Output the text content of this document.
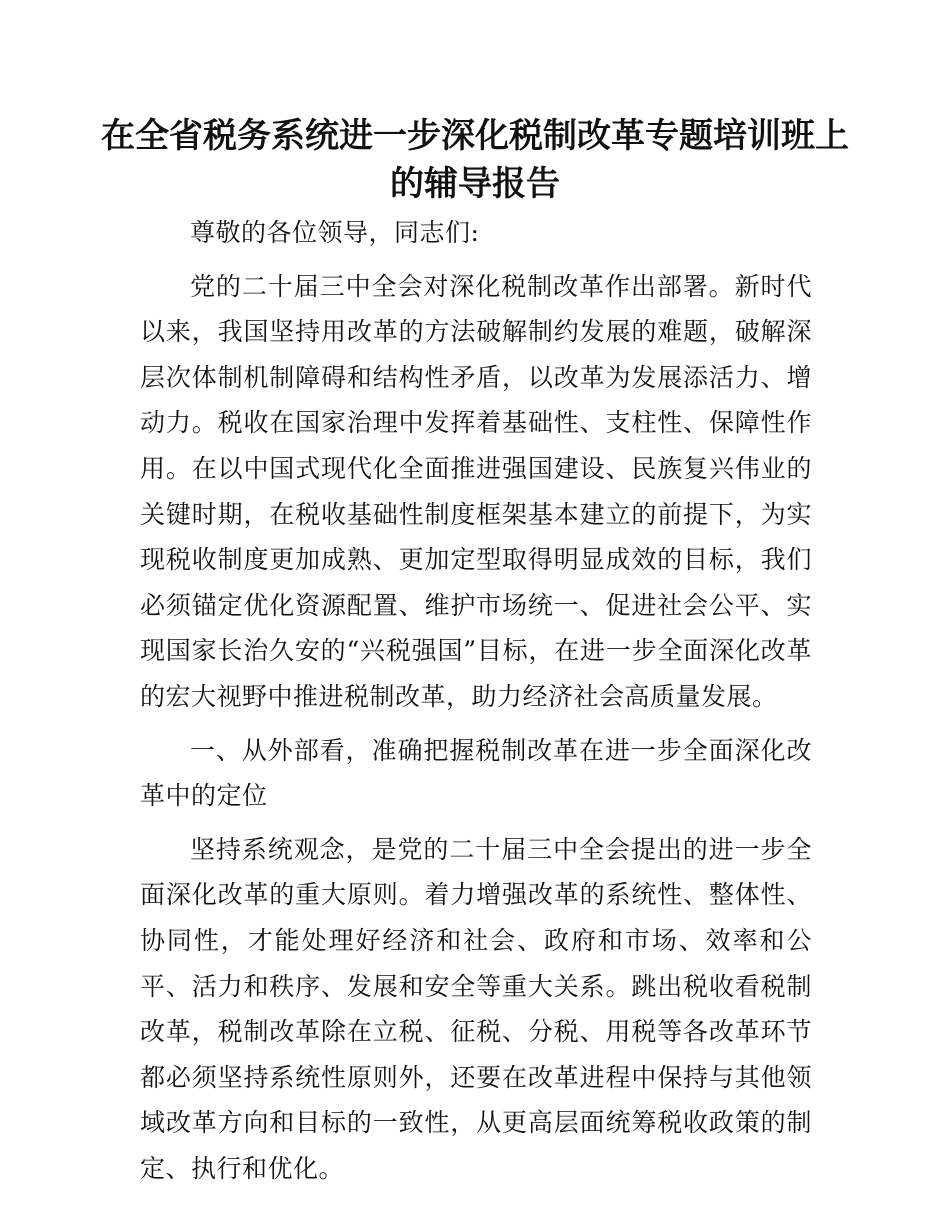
在全省税务系统进一步深化税制改革专题培训班上的辅导报告

尊敬的各位领导，同志们:

党的二十届三中全会对深化税制改革作出部署。新时代以来，我国坚持用改革的方法破解制约发展的难题，破解深层次体制机制障碍和结构性矛盾，以改革为发展添活力、增动力。税收在国家治理中发挥着基础性、支柱性、保障性作用。在以中国式现代化全面推进强国建设、民族复兴伟业的关键时期，在税收基础性制度框架基本建立的前提下，为实现税收制度更加成熟、更加定型取得明显成效的目标，我们必须锚定优化资源配置、维护市场统一、促进社会公平、实现国家长治久安的“兴税强国”目标，在进一步全面深化改革的宏大视野中推进税制改革，助力经济社会高质量发展。

一、从外部看，准确把握税制改革在进一步全面深化改革中的定位

坚持系统观念，是党的二十届三中全会提出的进一步全面深化改革的重大原则。着力增强改革的系统性、整体性、协同性，才能处理好经济和社会、政府和市场、效率和公平、活力和秩序、发展和安全等重大关系。跳出税收看税制改革，税制改革除在立税、征税、分税、用税等各改革环节都必须坚持系统性原则外，还要在改革进程中保持与其他领域改革方向和目标的一致性，从更高层面统筹税收政策的制定、执行和优化。
